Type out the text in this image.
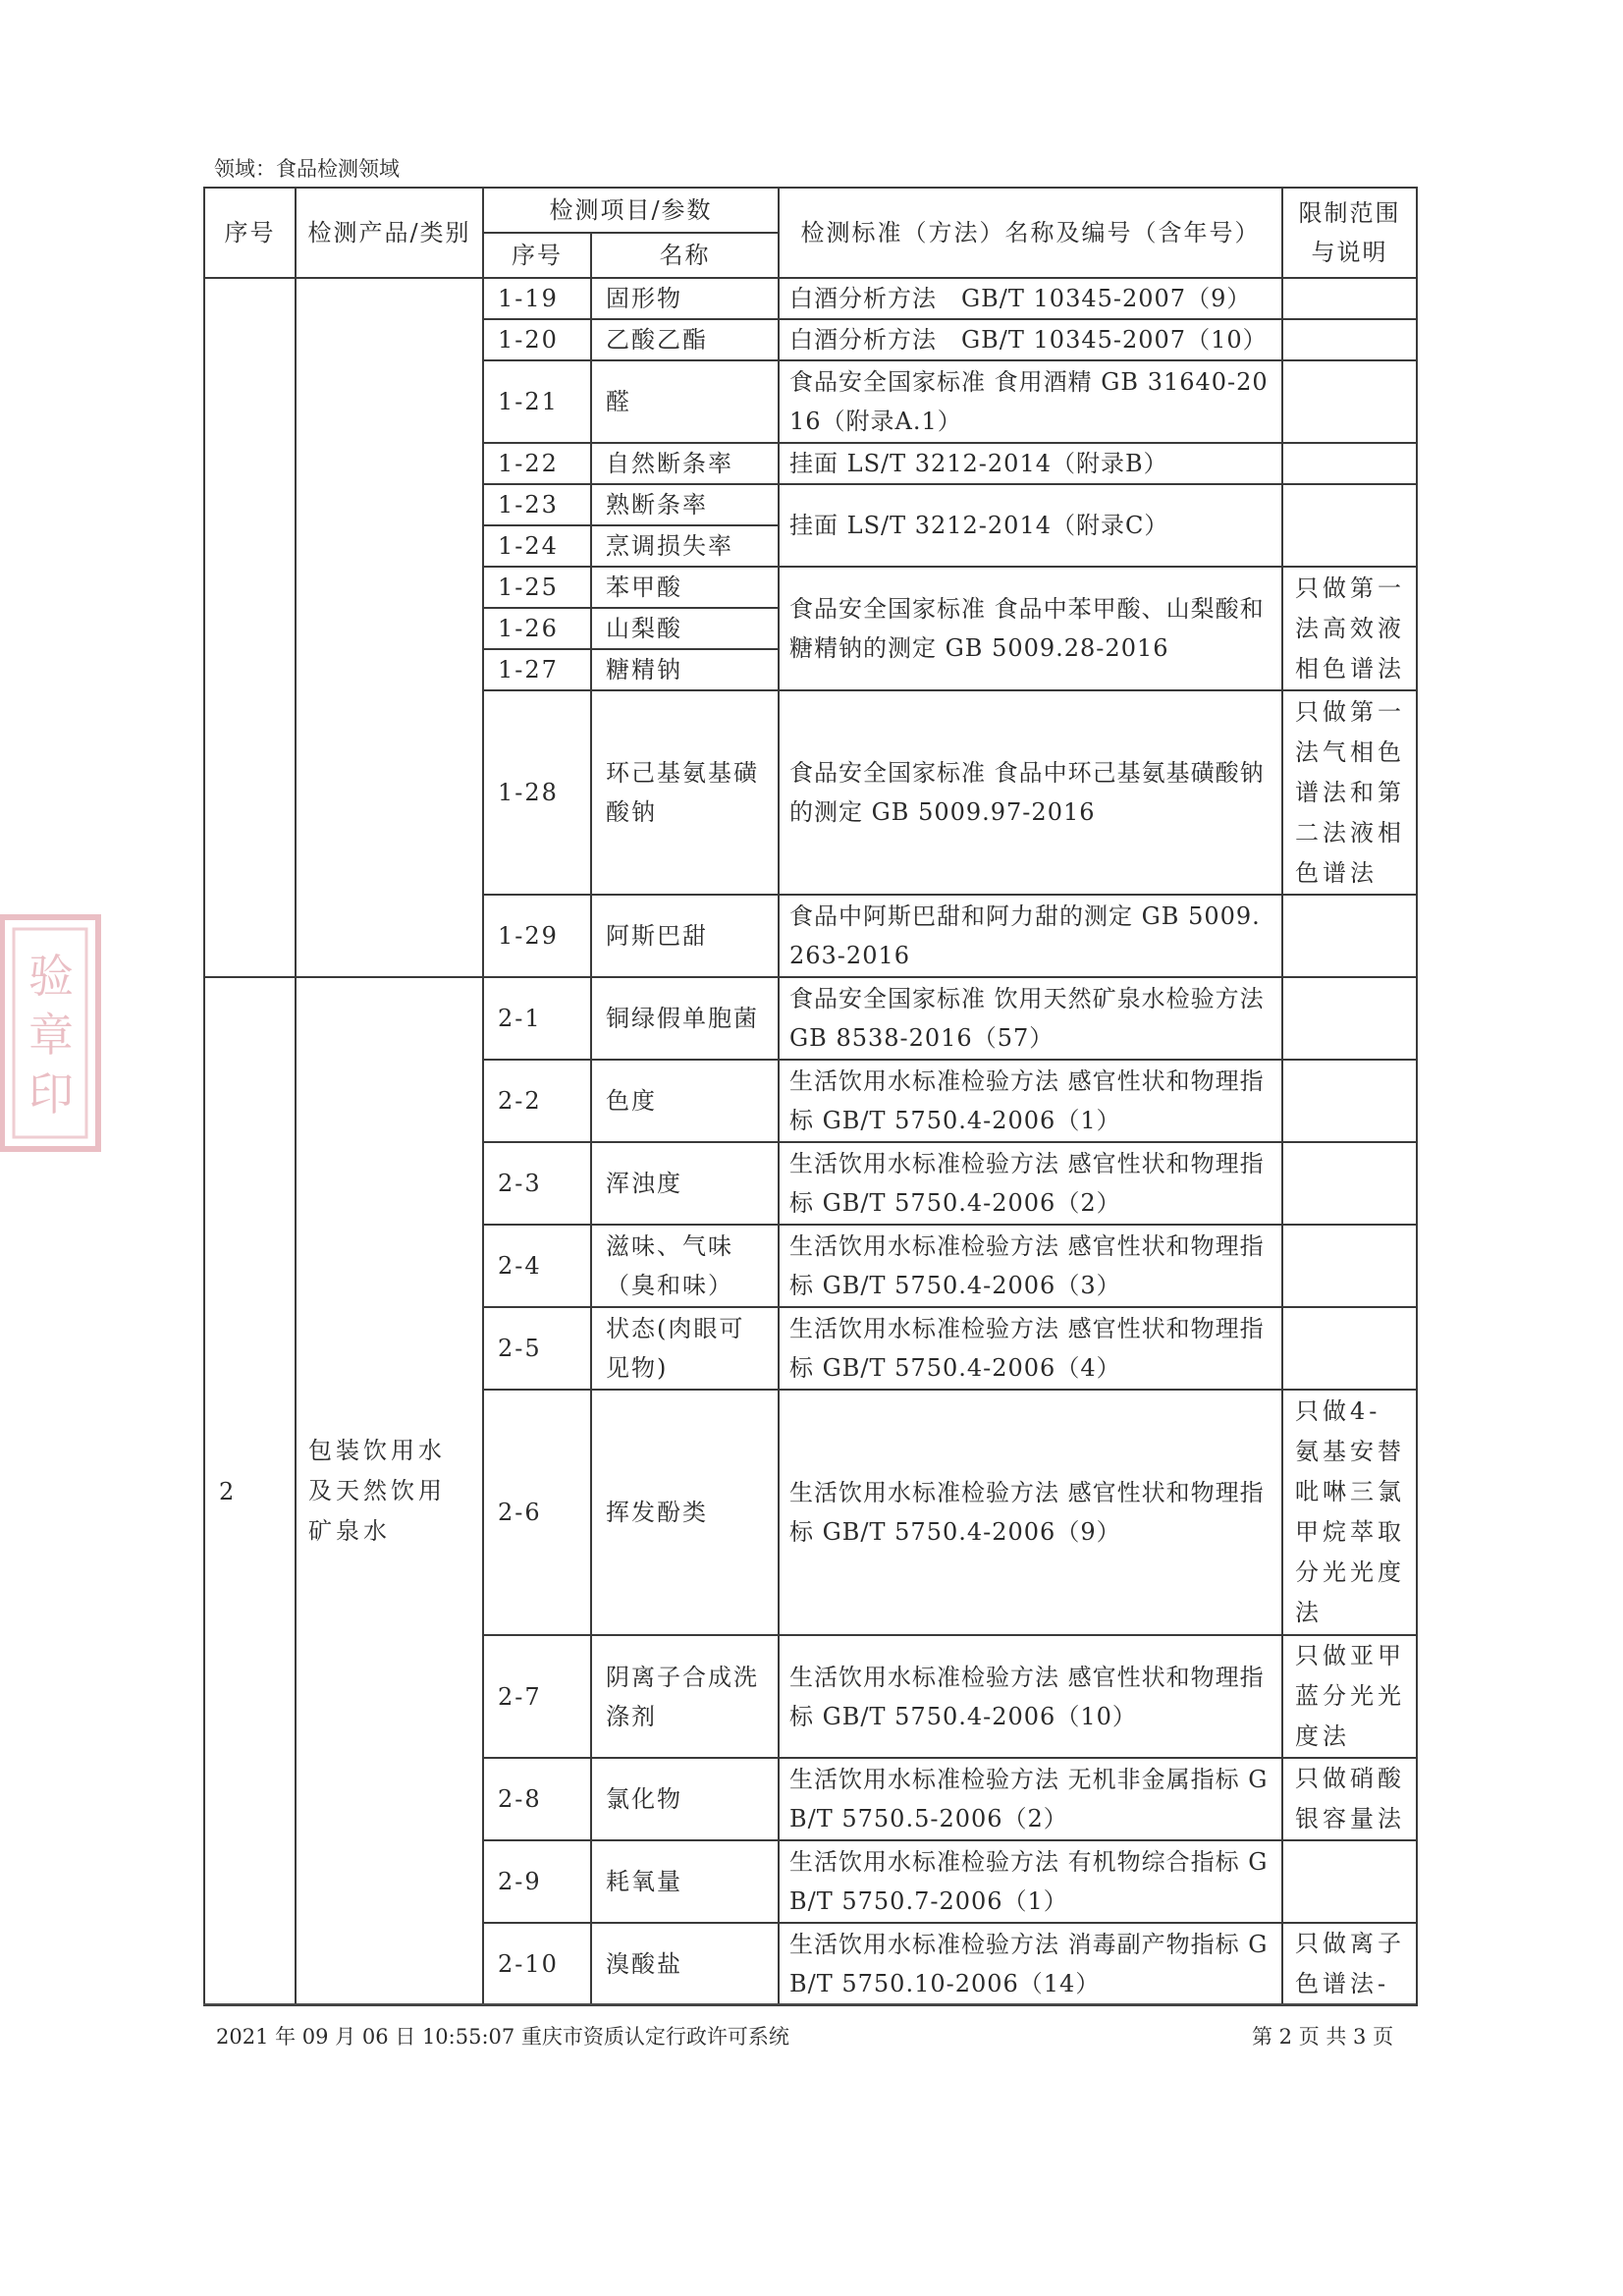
领域：食品检测领域
序号	检测产品/类别	检测项目/参数		检测标准（方法）名称及编号（含年号）	限制范围与说明
		序号	名称		
		1-19	固形物	白酒分析方法　GB/T 10345-2007（9）	
		1-20	乙酸乙酯	白酒分析方法　GB/T 10345-2007（10）	
		1-21	醛	食品安全国家标准 食用酒精 GB 31640-2016（附录A.1）	
		1-22	自然断条率	挂面 LS/T 3212-2014（附录B）	
		1-23	熟断条率	挂面 LS/T 3212-2014（附录C）	
		1-24	烹调损失率		
		1-25	苯甲酸	食品安全国家标准 食品中苯甲酸、山梨酸和糖精钠的测定 GB 5009.28-2016	只做第一法高效液相色谱法
		1-26	山梨酸		
		1-27	糖精钠		
		1-28	环己基氨基磺酸钠	食品安全国家标准 食品中环己基氨基磺酸钠的测定 GB 5009.97-2016	只做第一法气相色谱法和第二法液相色谱法
		1-29	阿斯巴甜	食品中阿斯巴甜和阿力甜的测定 GB 5009.263-2016	
2	包装饮用水及天然饮用矿泉水	2-1	铜绿假单胞菌	食品安全国家标准 饮用天然矿泉水检验方法 GB 8538-2016（57）	
		2-2	色度	生活饮用水标准检验方法 感官性状和物理指标 GB/T 5750.4-2006（1）	
		2-3	浑浊度	生活饮用水标准检验方法 感官性状和物理指标 GB/T 5750.4-2006（2）	
		2-4	滋味、气味（臭和味）	生活饮用水标准检验方法 感官性状和物理指标 GB/T 5750.4-2006（3）	
		2-5	状态(肉眼可见物)	生活饮用水标准检验方法 感官性状和物理指标 GB/T 5750.4-2006（4）	
		2-6	挥发酚类	生活饮用水标准检验方法 感官性状和物理指标 GB/T 5750.4-2006（9）	只做4-氨基安替吡啉三氯甲烷萃取分光光度法
		2-7	阴离子合成洗涤剂	生活饮用水标准检验方法 感官性状和物理指标 GB/T 5750.4-2006（10）	只做亚甲蓝分光光度法
		2-8	氯化物	生活饮用水标准检验方法 无机非金属指标 GB/T 5750.5-2006（2）	只做硝酸银容量法
		2-9	耗氧量	生活饮用水标准检验方法 有机物综合指标 GB/T 5750.7-2006（1）	
		2-10	溴酸盐	生活饮用水标准检验方法 消毒副产物指标 GB/T 5750.10-2006（14）	只做离子色谱法-
2021 年 09 月 06 日 10:55:07 重庆市资质认定行政许可系统	第 2 页 共 3 页
验
章
印
